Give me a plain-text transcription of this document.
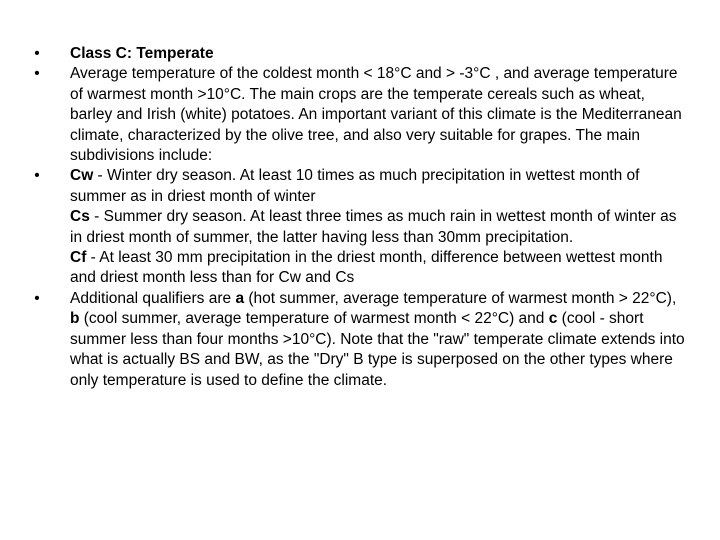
• Class C: Temperate
• Average temperature of the coldest month < 18°C and > -3°C , and average temperature of warmest month >10°C. The main crops are the temperate cereals such as wheat, barley and Irish (white) potatoes. An important variant of this climate is the Mediterranean climate, characterized by the olive tree, and also very suitable for grapes. The main subdivisions include:
• Cw - Winter dry season. At least 10 times as much precipitation in wettest month of summer as in driest month of winter
Cs - Summer dry season. At least three times as much rain in wettest month of winter as in driest month of summer, the latter having less than 30mm precipitation.
Cf - At least 30 mm precipitation in the driest month, difference between wettest month and driest month less than for Cw and Cs
• Additional qualifiers are a (hot summer, average temperature of warmest month > 22°C), b (cool summer, average temperature of warmest month < 22°C) and c (cool - short summer less than four months >10°C). Note that the "raw" temperate climate extends into what is actually BS and BW, as the "Dry" B type is superposed on the other types where only temperature is used to define the climate.
